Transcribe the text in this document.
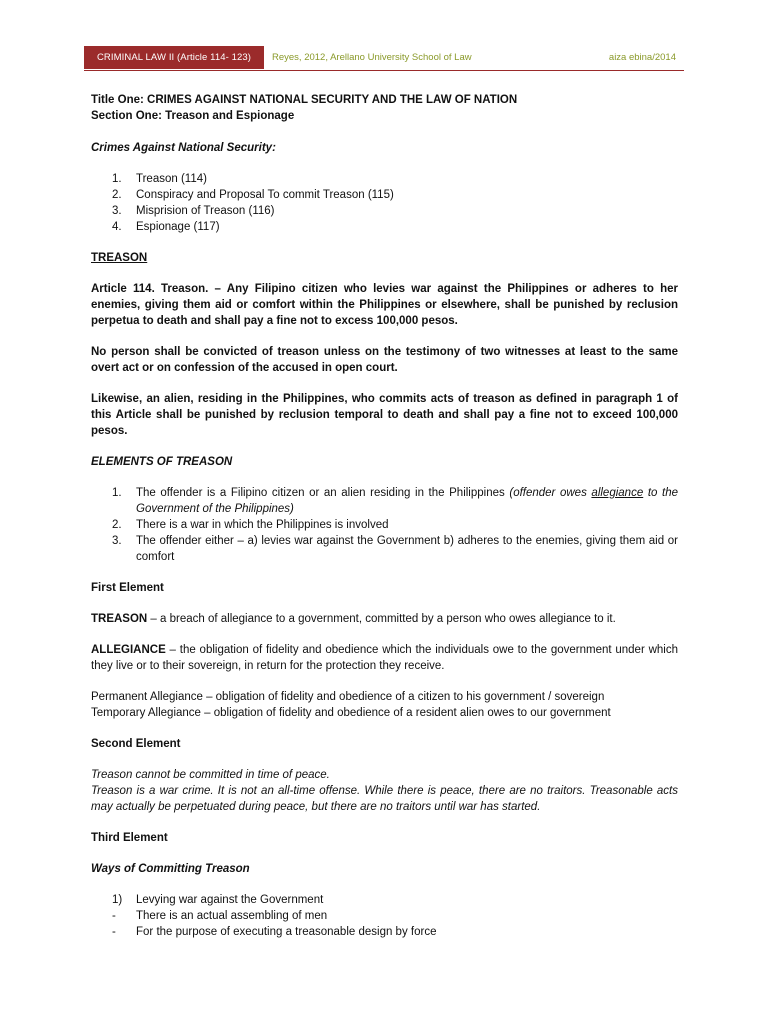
CRIMINAL LAW II (Article 114- 123)	Reyes, 2012, Arellano University School of Law	aiza ebina/2014

Title One: CRIMES AGAINST NATIONAL SECURITY AND THE LAW OF NATION

Section One: Treason and Espionage

Crimes Against National Security:

1. Treason (114)
2. Conspiracy and Proposal To commit Treason (115)
3. Misprision of Treason (116)
4. Espionage (117)

TREASON

Article 114. Treason. – Any Filipino citizen who levies war against the Philippines or adheres to her enemies, giving them aid or comfort within the Philippines or elsewhere, shall be punished by reclusion perpetua to death and shall pay a fine not to excess 100,000 pesos.

No person shall be convicted of treason unless on the testimony of two witnesses at least to the same overt act or on confession of the accused in open court.

Likewise, an alien, residing in the Philippines, who commits acts of treason as defined in paragraph 1 of this Article shall be punished by reclusion temporal to death and shall pay a fine not to exceed 100,000 pesos.

ELEMENTS OF TREASON

1. The offender is a Filipino citizen or an alien residing in the Philippines (offender owes allegiance to the Government of the Philippines)
2. There is a war in which the Philippines is involved
3. The offender either – a) levies war against the Government b) adheres to the enemies, giving them aid or comfort

First Element

TREASON – a breach of allegiance to a government, committed by a person who owes allegiance to it.

ALLEGIANCE – the obligation of fidelity and obedience which the individuals owe to the government under which they live or to their sovereign, in return for the protection they receive.

Permanent Allegiance – obligation of fidelity and obedience of a citizen to his government / sovereign

Temporary Allegiance – obligation of fidelity and obedience of a resident alien owes to our government

Second Element

Treason cannot be committed in time of peace.

Treason is a war crime. It is not an all-time offense. While there is peace, there are no traitors. Treasonable acts may actually be perpetuated during peace, but there are no traitors until war has started.

Third Element

Ways of Committing Treason

1) Levying war against the Government
- There is an actual assembling of men
- For the purpose of executing a treasonable design by force
